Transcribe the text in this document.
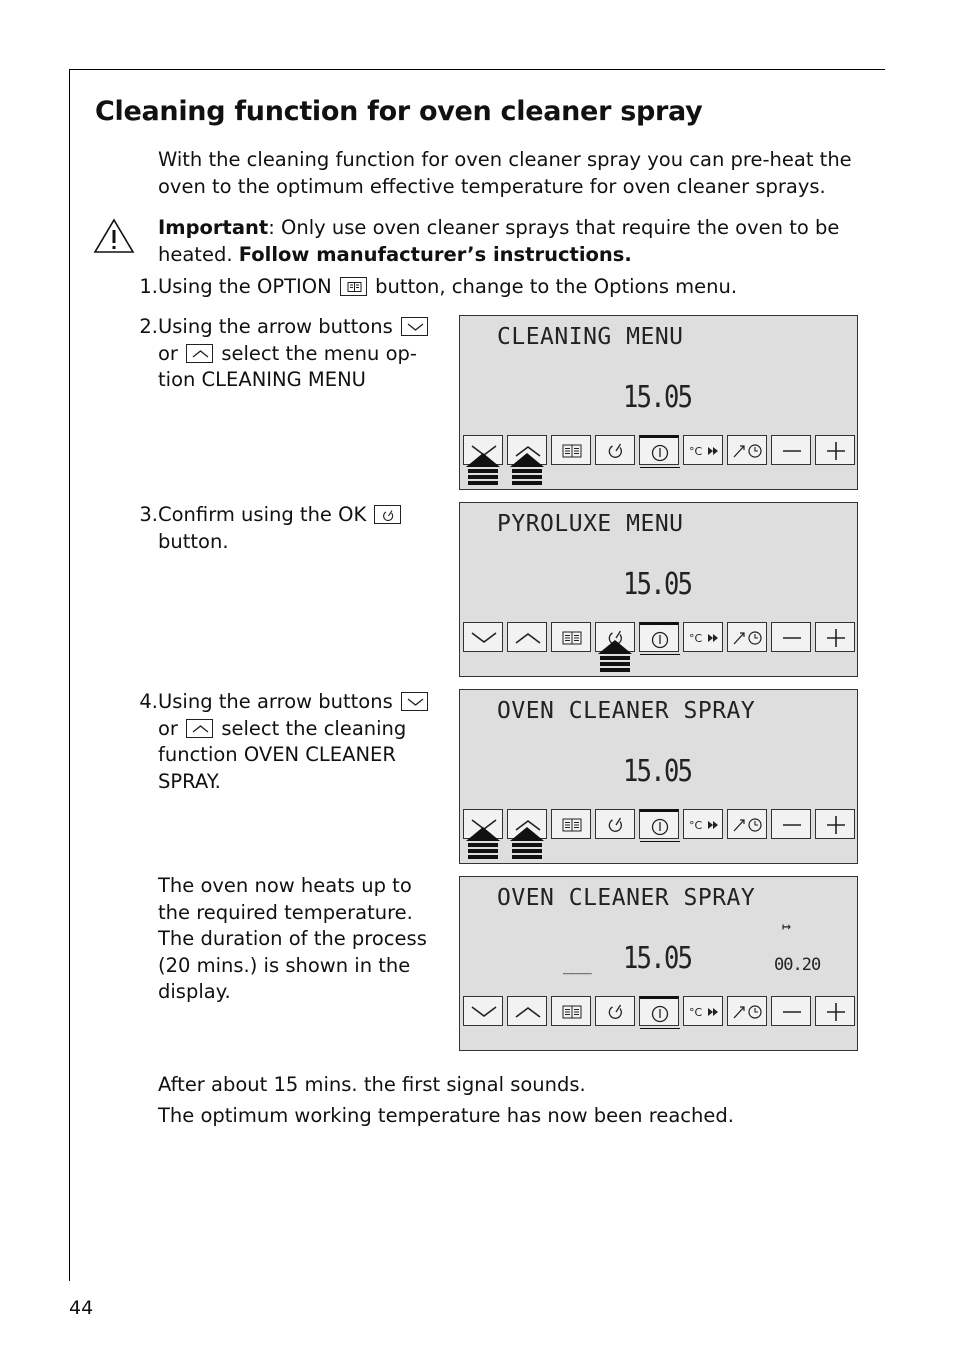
Cleaning function for oven cleaner spray
With the cleaning function for oven cleaner spray you can pre-heat the oven to the optimum effective temperature for oven cleaner sprays.
Important: Only use oven cleaner sprays that require the oven to be heated. Follow manufacturer’s instructions.
1. Using the OPTION
button, change to the Options menu.
2. Using the arrow buttons

or
select the menu op-tion CLEANING MENU
3. Confirm using the OK

button.
4. Using the arrow buttons

or
select the cleaning function OVEN CLEANER SPRAY.
The oven now heats up to the required temperature. The duration of the process (20 mins.) is shown in the display.
After about 15 mins. the first signal sounds.
The optimum working temperature has now been reached.
CLEANING MENU
15.05
°C
PYROLUXE MENU
15.05
°C
OVEN CLEANER SPRAY
15.05
°C
OVEN CLEANER SPRAY
↦
___ 15.05	00.20
°C
44
